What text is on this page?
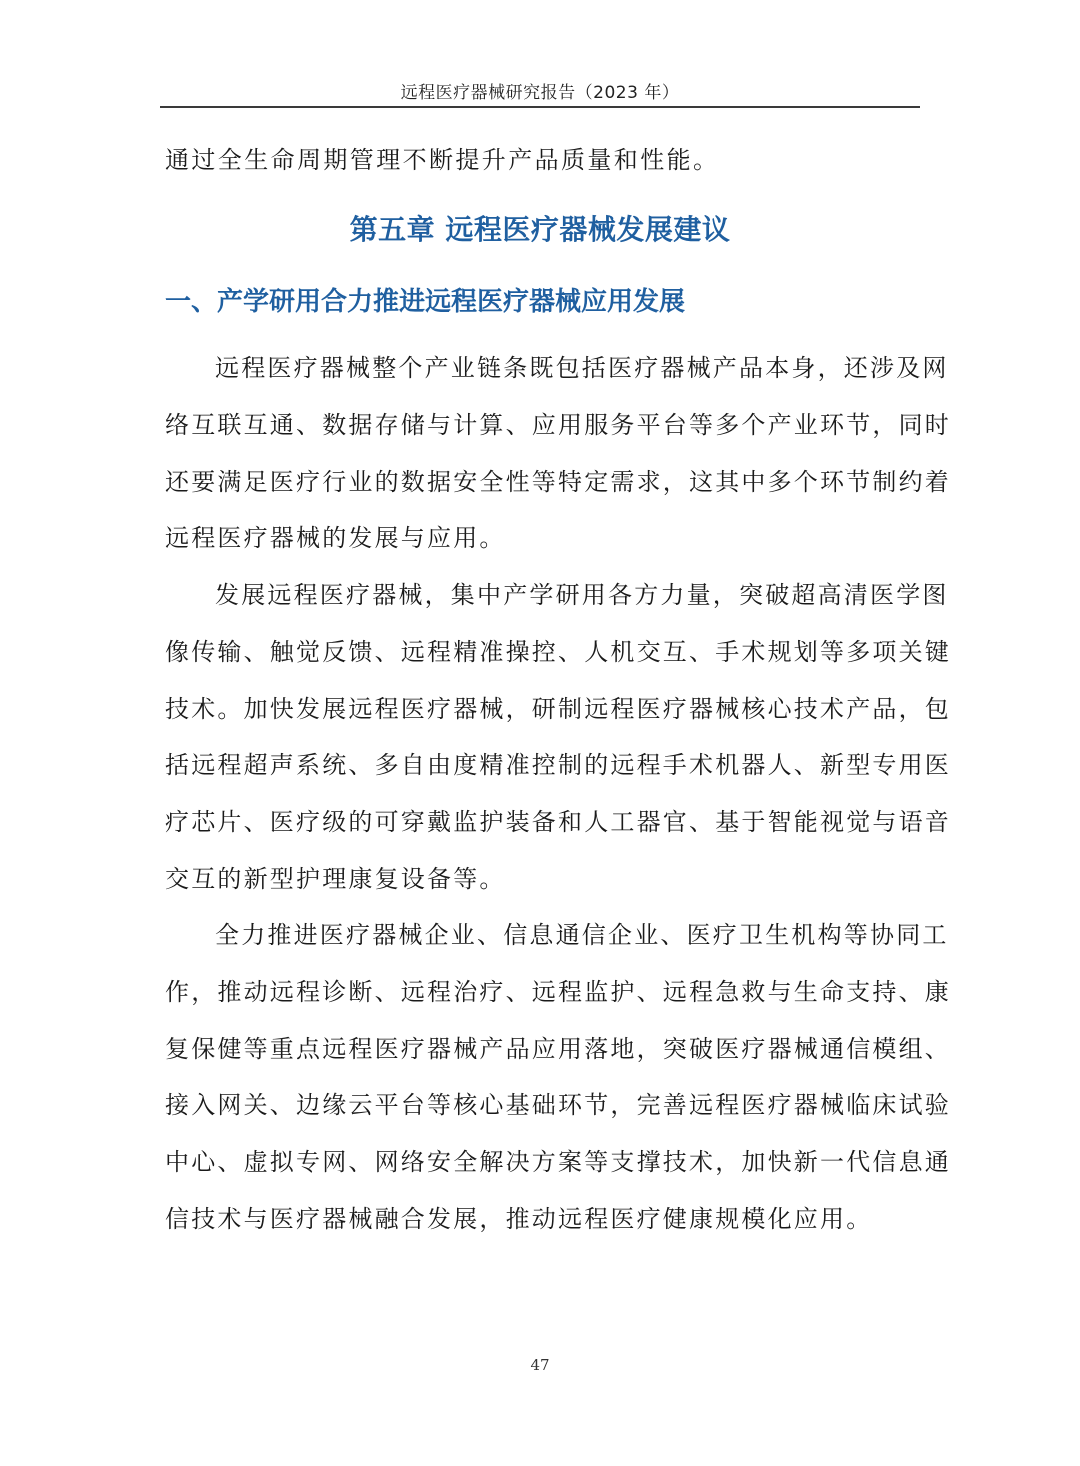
远程医疗器械研究报告（2023 年）
通过全生命周期管理不断提升产品质量和性能。
第五章 远程医疗器械发展建议
一、产学研用合力推进远程医疗器械应用发展
远程医疗器械整个产业链条既包括医疗器械产品本身，还涉及网
络互联互通、数据存储与计算、应用服务平台等多个产业环节，同时
还要满足医疗行业的数据安全性等特定需求，这其中多个环节制约着
远程医疗器械的发展与应用。
发展远程医疗器械，集中产学研用各方力量，突破超高清医学图
像传输、触觉反馈、远程精准操控、人机交互、手术规划等多项关键
技术。加快发展远程医疗器械，研制远程医疗器械核心技术产品，包
括远程超声系统、多自由度精准控制的远程手术机器人、新型专用医
疗芯片、医疗级的可穿戴监护装备和人工器官、基于智能视觉与语音
交互的新型护理康复设备等。
全力推进医疗器械企业、信息通信企业、医疗卫生机构等协同工
作，推动远程诊断、远程治疗、远程监护、远程急救与生命支持、康
复保健等重点远程医疗器械产品应用落地，突破医疗器械通信模组、
接入网关、边缘云平台等核心基础环节，完善远程医疗器械临床试验
中心、虚拟专网、网络安全解决方案等支撑技术，加快新一代信息通
信技术与医疗器械融合发展，推动远程医疗健康规模化应用。
47
